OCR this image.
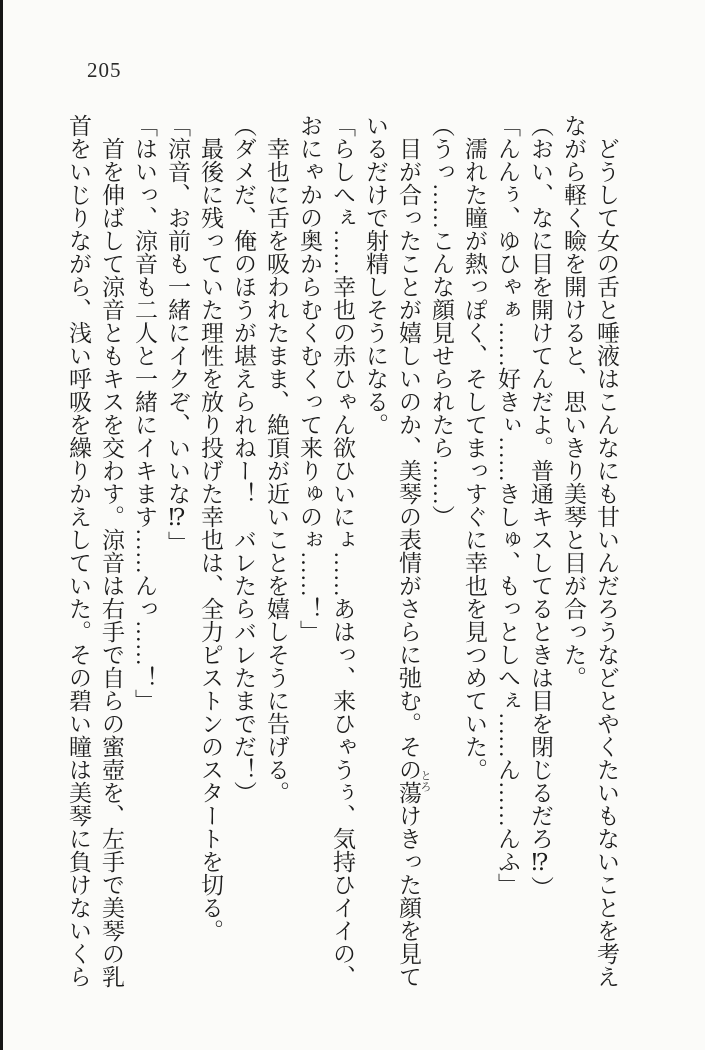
205

　どうして女の舌と唾液はこんなにも甘いんだろうなどとやくたいもないことを考え

ながら軽く瞼を開けると、思いきり美琴と目が合った。

（おい、なに目を開けてんだよ。普通キスしてるときは目を閉じるだろ⁉）

「んんぅ、ゆひゃぁ……好きぃ……きしゅ、もっとしへぇ……ん……んふ」

　濡れた瞳が熱っぽく、そしてまっすぐに幸也を見つめていた。

（うっ……こんな顔見せられたら……）

　目が合ったことが嬉しいのか、美琴の表情がさらに弛む。その蕩けきった顔を見て

いるだけで射精しそうになる。

「らしへぇ……幸也の赤ひゃん欲ひいにょ……あはっ、来ひゃうぅ、気持ひイイの、

おにゃかの奥からむくむくって来りゅのぉ……！」

　幸也に舌を吸われたまま、絶頂が近いことを嬉しそうに告げる。

（ダメだ、俺のほうが堪えられねー！　バレたらバレたまでだ！）

　最後に残っていた理性を放り投げた幸也は、全力ピストンのスタートを切る。

「涼音、お前も一緒にイクぞ、いいな⁉」

「はいっ、涼音も二人と一緒にイキます……んっ……！」

　首を伸ばして涼音ともキスを交わす。涼音は右手で自らの蜜壺を、左手で美琴の乳

首をいじりながら、浅い呼吸を繰りかえしていた。その碧い瞳は美琴に負けないくら	とろ
